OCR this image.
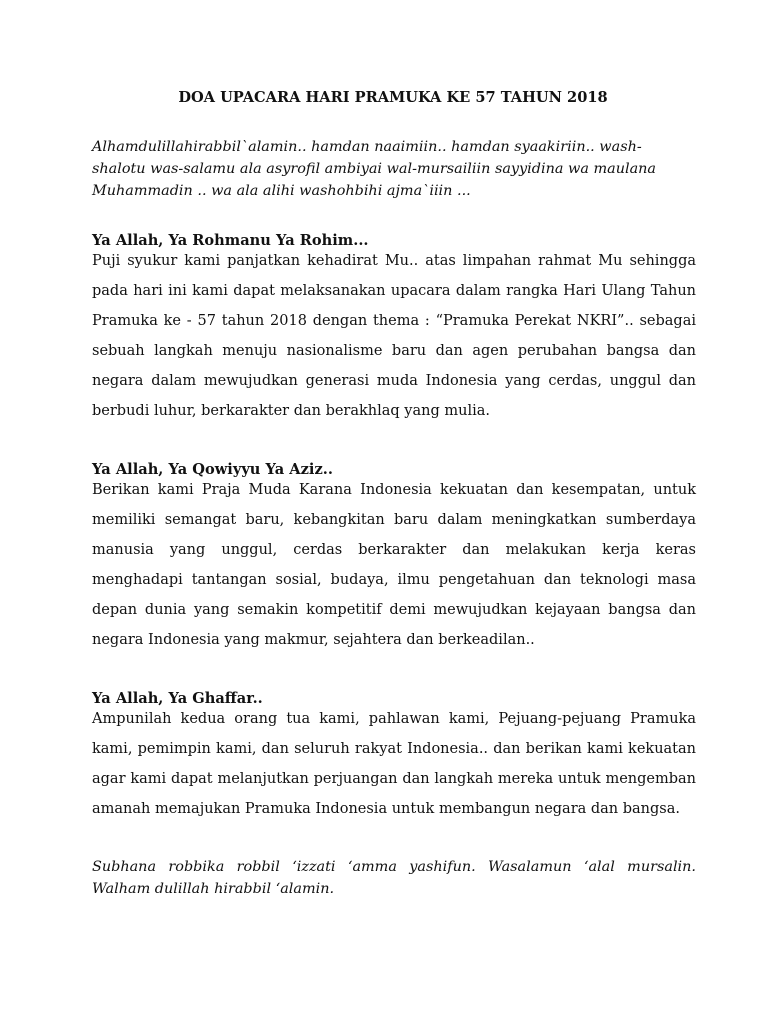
DOA UPACARA HARI PRAMUKA KE 57 TAHUN 2018

Alhamdulillahirabbil`alamin.. hamdan naaimiin.. hamdan syaakiriin.. wash-shalotu was-salamu ala asyrofil ambiyai wal-mursailiin sayyidina wa maulana Muhammadin .. wa ala alihi washohbihi ajma`iiin ...

Ya Allah, Ya Rohmanu Ya Rohim...

Puji syukur kami panjatkan kehadirat Mu.. atas limpahan rahmat Mu sehingga pada hari ini kami dapat melaksanakan upacara dalam rangka Hari Ulang Tahun Pramuka ke - 57 tahun 2018 dengan thema : “Pramuka Perekat NKRI”.. sebagai sebuah langkah menuju nasionalisme baru dan agen perubahan bangsa dan negara dalam mewujudkan generasi muda Indonesia yang cerdas, unggul dan berbudi luhur, berkarakter dan berakhlaq yang mulia.

Ya Allah, Ya Qowiyyu Ya Aziz..

Berikan kami Praja Muda Karana Indonesia kekuatan dan kesempatan, untuk memiliki semangat baru, kebangkitan baru dalam meningkatkan sumberdaya manusia yang unggul, cerdas berkarakter dan melakukan kerja keras menghadapi tantangan sosial, budaya, ilmu pengetahuan dan teknologi masa depan dunia yang semakin kompetitif demi mewujudkan kejayaan bangsa dan negara Indonesia yang makmur, sejahtera dan berkeadilan..

Ya Allah, Ya Ghaffar..

Ampunilah kedua orang tua kami, pahlawan kami, Pejuang-pejuang Pramuka kami, pemimpin kami, dan seluruh rakyat Indonesia.. dan berikan kami kekuatan agar kami dapat melanjutkan perjuangan dan langkah mereka untuk mengemban amanah memajukan Pramuka Indonesia untuk membangun negara dan bangsa.

Subhana robbika robbil ‘izzati ‘amma yashifun. Wasalamun ‘alal mursalin. Walham dulillah hirabbil ‘alamin.
